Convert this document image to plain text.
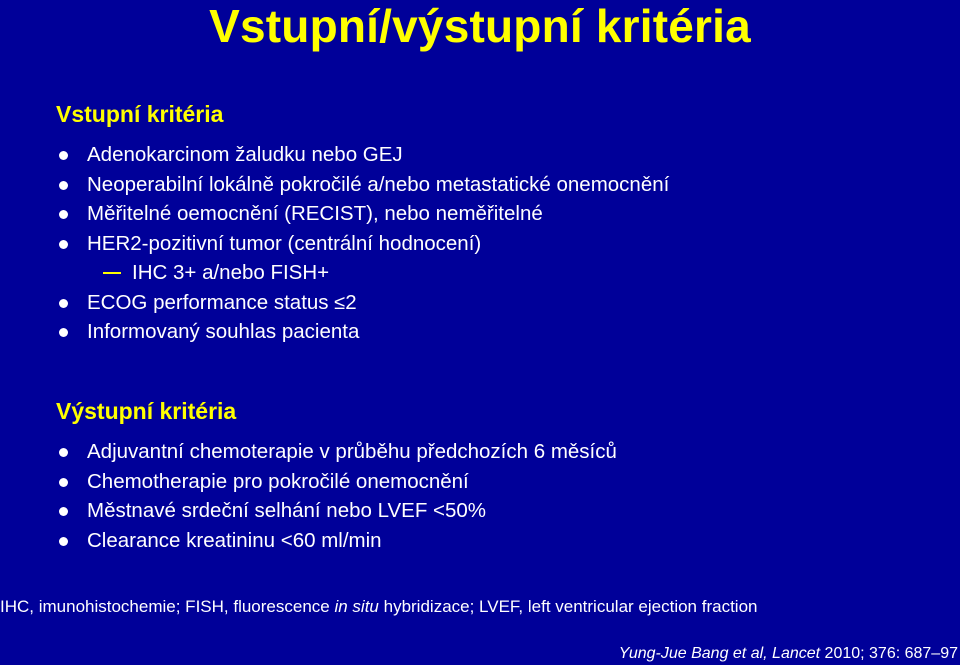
Vstupní/výstupní kritéria
Vstupní kritéria
Adenokarcinom žaludku nebo GEJ
Neoperabilní lokálně pokročilé a/nebo metastatické onemocnění
Měřitelné oemocnění (RECIST), nebo neměřitelné
HER2-pozitivní tumor (centrální hodnocení)
IHC 3+ a/nebo FISH+
ECOG performance status ≤2
Informovaný souhlas pacienta
Výstupní kritéria
Adjuvantní chemoterapie v průběhu předchozích 6 měsíců
Chemotherapie pro pokročilé onemocnění
Městnavé srdeční selhání nebo LVEF <50%
Clearance kreatininu <60 ml/min
IHC, imunohistochemie; FISH, fluorescence in situ hybridizace; LVEF, left ventricular ejection fraction
Yung-Jue Bang et al, Lancet 2010; 376: 687–97
